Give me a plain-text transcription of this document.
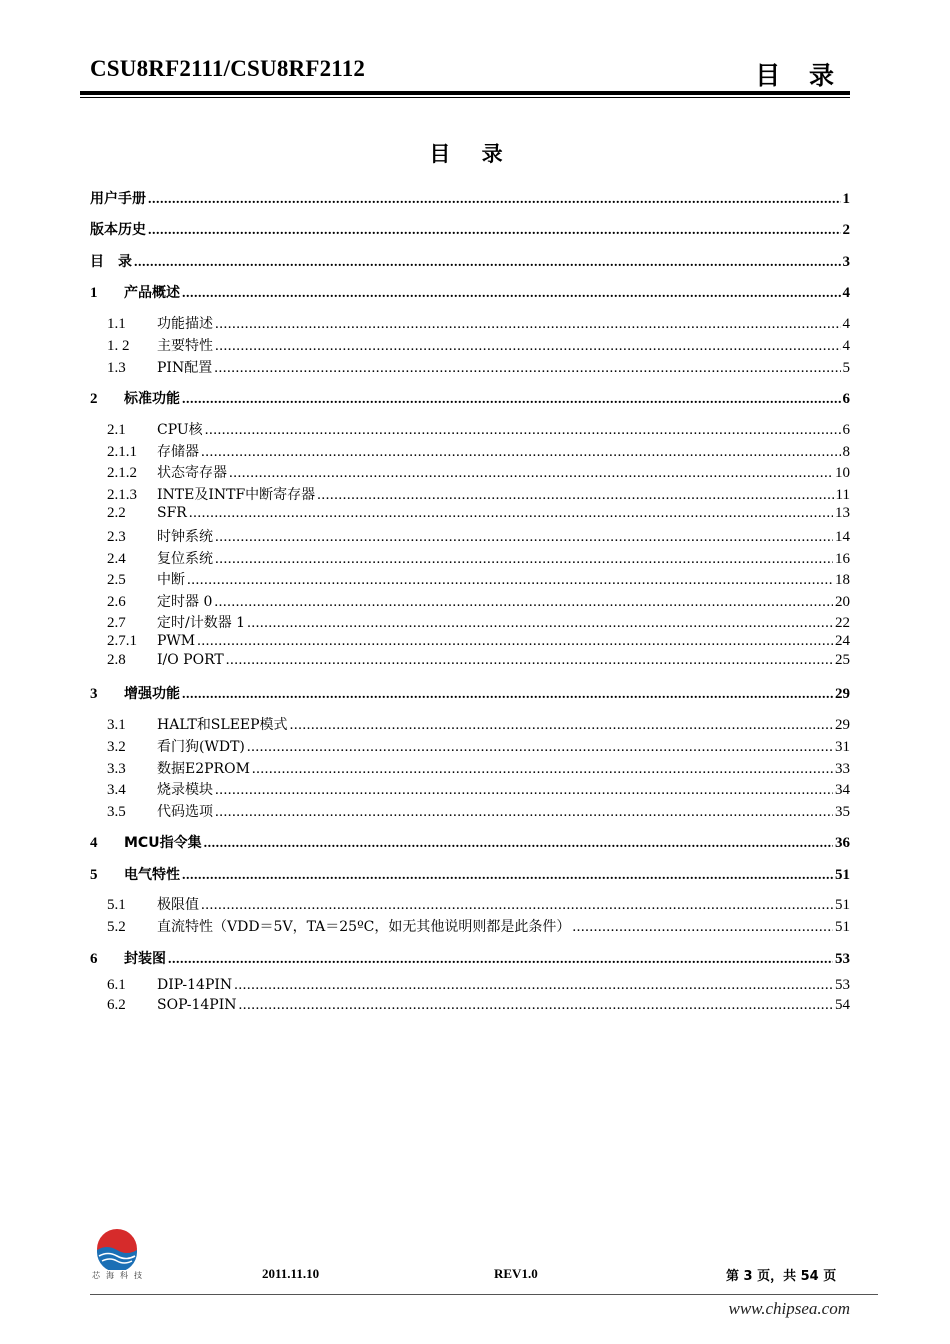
CSU8RF2111/CSU8RF2112	目 录
目 录
用户手册 .....	1
版本历史 .....	2
目　录 .....	3
1	产品概述 .....	4
1.1	功能描述 .....	4
1. 2	主要特性 .....	4
1.3	PIN配置 .....	5
2	标准功能 .....	6
2.1	CPU核 .....	6
2.1.1	存储器 .....	8
2.1.2	状态寄存器 .....	10
2.1.3	INTE及INTF中断寄存器 .....	11
2.2	SFR .....	13
2.3	时钟系统 .....	14
2.4	复位系统 .....	16
2.5	中断 .....	18
2.6	定时器 0 .....	20
2.7	定时/计数器 1 .....	22
2.7.1	PWM .....	24
2.8	I/O PORT .....	25
3	增强功能 .....	29
3.1	HALT和SLEEP模式 .....	29
3.2	看门狗(WDT) .....	31
3.3	数据E2PROM .....	33
3.4	烧录模块 .....	34
3.5	代码选项 .....	35
4	MCU指令集 .....	36
5	电气特性 .....	51
5.1	极限值 .....	51
5.2	直流特性（VDD＝5V，TA＝25ºC，如无其他说明则都是此条件） .....	51
6	封装图 .....	53
6.1	DIP-14PIN .....	53
6.2	SOP-14PIN .....	54
芯海科技	2011.11.10	REV1.0	第 3 页，共 54 页
www.chipsea.com
